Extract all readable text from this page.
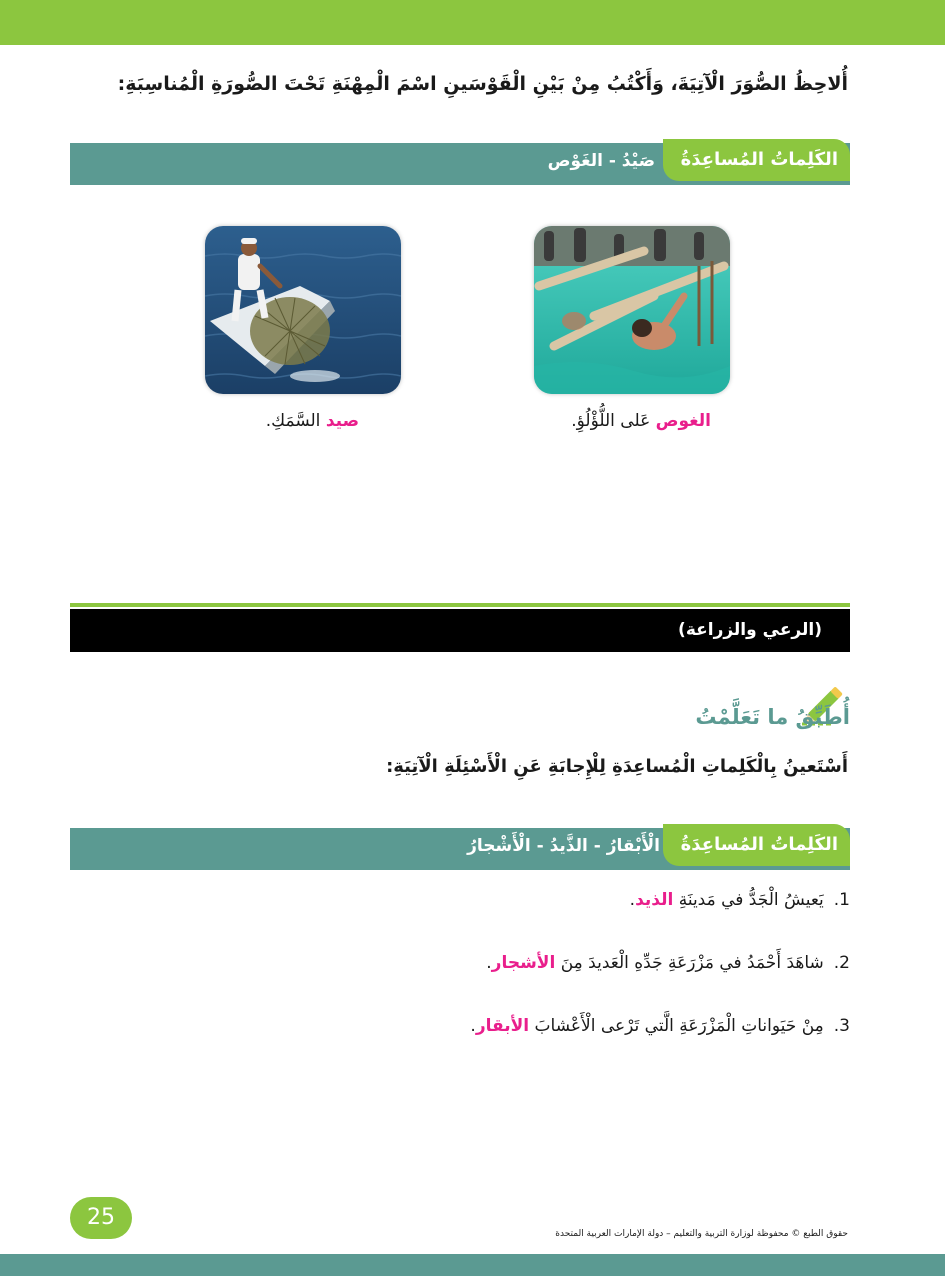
أُلاحِظُ الصُّوَرَ الْآتِيَةَ، وَأَكْتُبُ مِنْ بَيْنِ الْقَوْسَينِ اسْمَ الْمِهْنَةِ تَحْتَ الصُّورَةِ الْمُناسِبَةِ:
الكَلِماتُ المُساعِدَةُ
صَيْدُ - الغَوْص
الغوص عَلى اللُّؤْلُؤِ.
صيد السَّمَكِ.
(الرعي والزراعة)
أُطَبِّقُ ما تَعَلَّمْتُ
أَسْتَعينُ بِالْكَلِماتِ الْمُساعِدَةِ لِلْإِجابَةِ عَنِ الْأَسْئِلَةِ الْآتِيَةِ:
الكَلِماتُ المُساعِدَةُ
الْأَبْقارُ - الذَّيدُ - الْأَشْجارُ
1.يَعيشُ الْجَدُّ في مَدينَةِ الذيد.
2.شاهَدَ أَحْمَدُ في مَزْرَعَةِ جَدِّهِ الْعَديدَ مِنَ الأشجار.
3.مِنْ حَيَواناتِ الْمَزْرَعَةِ الَّتي تَرْعى الْأَعْشابَ الأبقار.
25
حقوق الطبع © محفوظة لوزارة التربية والتعليم – دولة الإمارات العربية المتحدة
